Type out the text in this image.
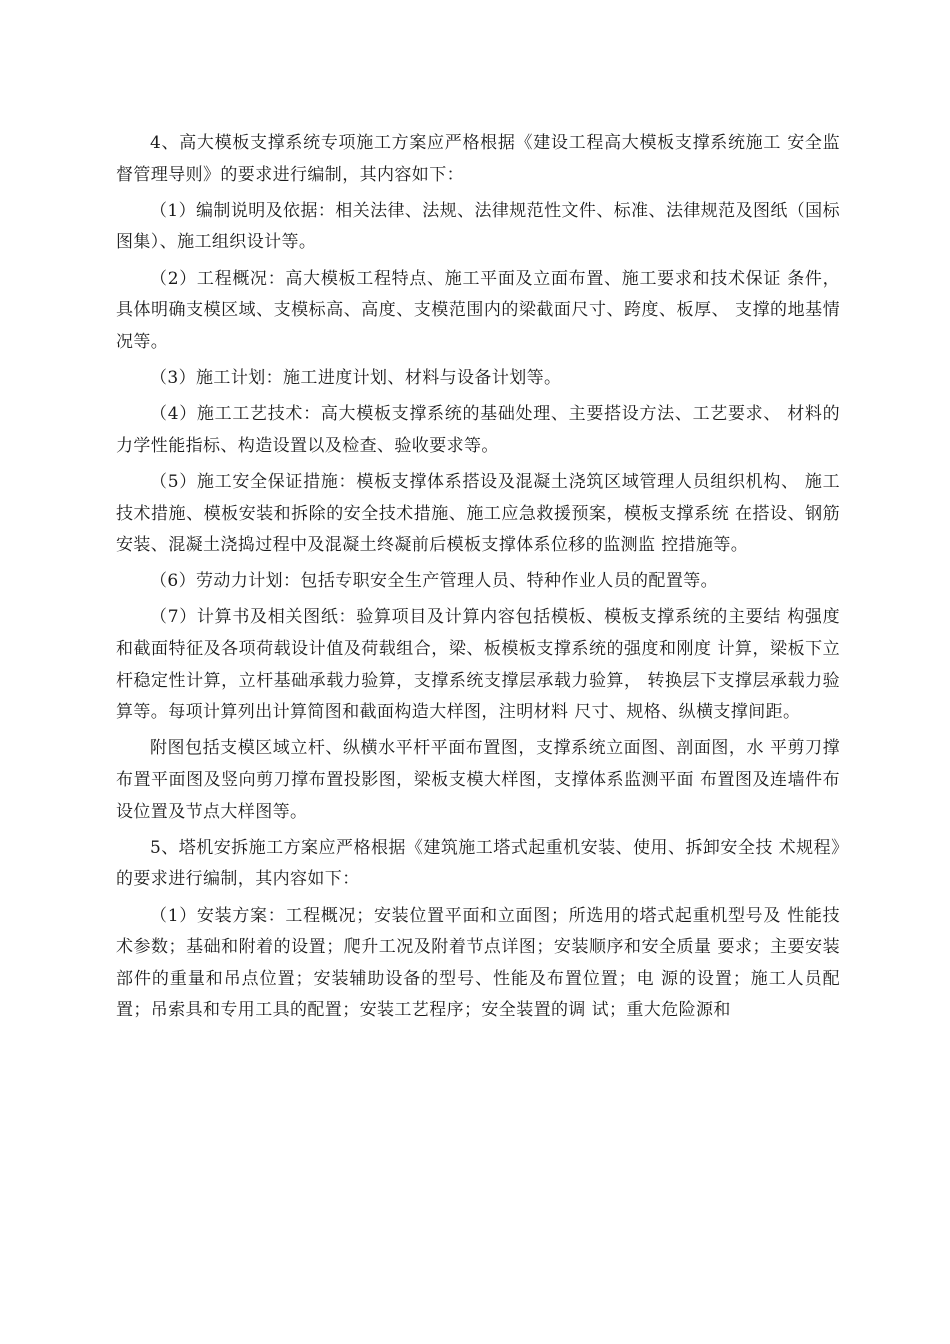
4、高大模板支撑系统专项施工方案应严格根据《建设工程高大模板支撑系统施工 安全监督管理导则》的要求进行编制，其内容如下：

（1）编制说明及依据：相关法律、法规、法律规范性文件、标准、法律规范及图纸（国标 图集）、施工组织设计等。

（2）工程概况：高大模板工程特点、施工平面及立面布置、施工要求和技术保证 条件，具体明确支模区域、支模标高、高度、支模范围内的梁截面尺寸、跨度、板厚、 支撑的地基情况等。

（3）施工计划：施工进度计划、材料与设备计划等。

（4）施工工艺技术：高大模板支撑系统的基础处理、主要搭设方法、工艺要求、 材料的力学性能指标、构造设置以及检查、验收要求等。

（5）施工安全保证措施：模板支撑体系搭设及混凝土浇筑区域管理人员组织机构、 施工技术措施、模板安装和拆除的安全技术措施、施工应急救援预案，模板支撑系统 在搭设、钢筋安装、混凝土浇捣过程中及混凝土终凝前后模板支撑体系位移的监测监 控措施等。

（6）劳动力计划：包括专职安全生产管理人员、特种作业人员的配置等。

（7）计算书及相关图纸：验算项目及计算内容包括模板、模板支撑系统的主要结 构强度和截面特征及各项荷载设计值及荷载组合，梁、板模板支撑系统的强度和刚度 计算，梁板下立杆稳定性计算，立杆基础承载力验算，支撑系统支撑层承载力验算， 转换层下支撑层承载力验算等。每项计算列出计算简图和截面构造大样图，注明材料 尺寸、规格、纵横支撑间距。

附图包括支模区域立杆、纵横水平杆平面布置图，支撑系统立面图、剖面图，水 平剪刀撑布置平面图及竖向剪刀撑布置投影图，梁板支模大样图，支撑体系监测平面 布置图及连墙件布设位置及节点大样图等。

5、塔机安拆施工方案应严格根据《建筑施工塔式起重机安装、使用、拆卸安全技 术规程》的要求进行编制，其内容如下：

（1）安装方案：工程概况；安装位置平面和立面图；所选用的塔式起重机型号及 性能技术参数；基础和附着的设置；爬升工况及附着节点详图；安装顺序和安全质量 要求；主要安装部件的重量和吊点位置；安装辅助设备的型号、性能及布置位置；电 源的设置；施工人员配置；吊索具和专用工具的配置；安装工艺程序；安全装置的调 试；重大危险源和
